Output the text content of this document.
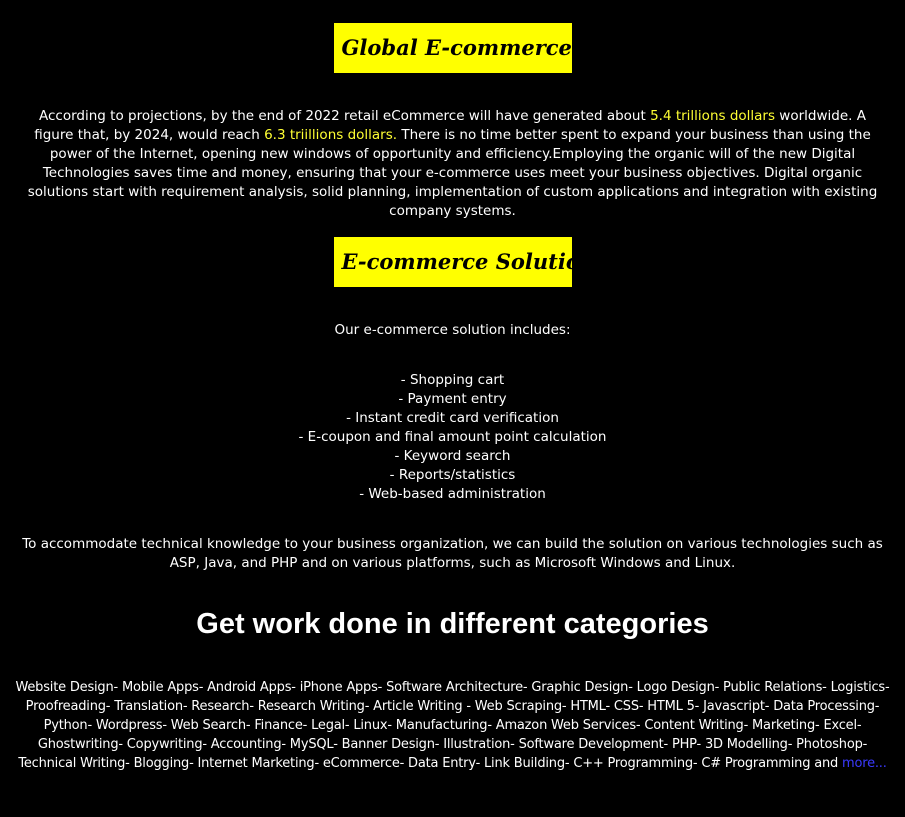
Global E-commerce

According to projections, by the end of 2022 retail eCommerce will have generated about 5.4 trillions dollars worldwide. A figure that, by 2024, would reach 6.3 triillions dollars. There is no time better spent to expand your business than using the power of the Internet, opening new windows of opportunity and efficiency.Employing the organic will of the new Digital Technologies saves time and money, ensuring that your e-commerce uses meet your business objectives. Digital organic solutions start with requirement analysis, solid planning, implementation of custom applications and integration with existing company systems.

E-commerce Solutions

Our e-commerce solution includes:

- Shopping cart
- Payment entry
- Instant credit card verification
- E-coupon and final amount point calculation
- Keyword search
- Reports/statistics
- Web-based administration

To accommodate technical knowledge to your business organization, we can build the solution on various technologies such as ASP, Java, and PHP and on various platforms, such as Microsoft Windows and Linux.

Get work done in different categories

Website Design- Mobile Apps- Android Apps- iPhone Apps- Software Architecture- Graphic Design- Logo Design- Public Relations- Logistics- Proofreading- Translation- Research- Research Writing- Article Writing - Web Scraping- HTML- CSS- HTML 5- Javascript- Data Processing- Python- Wordpress- Web Search- Finance- Legal- Linux- Manufacturing- Amazon Web Services- Content Writing- Marketing- Excel- Ghostwriting- Copywriting- Accounting- MySQL- Banner Design- Illustration- Software Development- PHP- 3D Modelling- Photoshop- Technical Writing- Blogging- Internet Marketing- eCommerce- Data Entry- Link Building- C++ Programming- C# Programming and more...
